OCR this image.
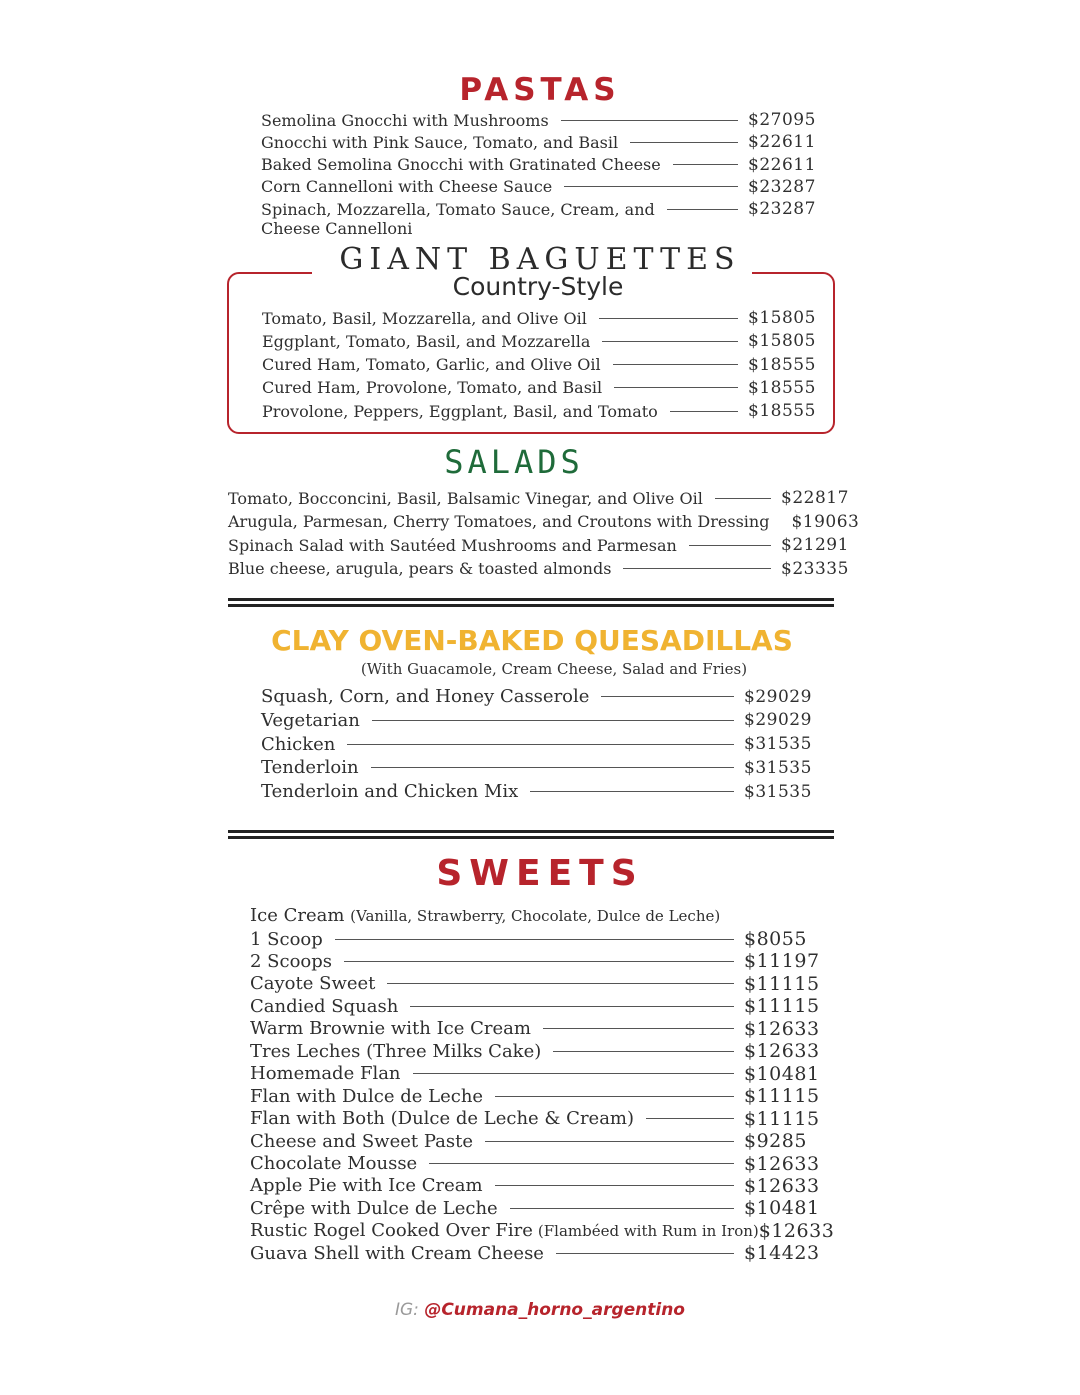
PASTAS
Semolina Gnocchi with Mushrooms	$27095
Gnocchi with Pink Sauce, Tomato, and Basil	$22611
Baked Semolina Gnocchi with Gratinated Cheese	$22611
Corn Cannelloni with Cheese Sauce	$23287
Spinach, Mozzarella, Tomato Sauce, Cream, and	$23287
Cheese Cannelloni
GIANT BAGUETTES
Country-Style
Tomato, Basil, Mozzarella, and Olive Oil	$15805
Eggplant, Tomato, Basil, and Mozzarella	$15805
Cured Ham, Tomato, Garlic, and Olive Oil	$18555
Cured Ham, Provolone, Tomato, and Basil	$18555
Provolone, Peppers, Eggplant, Basil, and Tomato	$18555
SALADS
Tomato, Bocconcini, Basil, Balsamic Vinegar, and Olive Oil	$22817
Arugula, Parmesan, Cherry Tomatoes, and Croutons with Dressing $19063
Spinach Salad with Sautéed Mushrooms and Parmesan	$21291
Blue cheese, arugula, pears & toasted almonds	$23335
CLAY OVEN-BAKED QUESADILLAS
(With Guacamole, Cream Cheese, Salad and Fries)
Squash, Corn, and Honey Casserole	$29029
Vegetarian	$29029
Chicken	$31535
Tenderloin	$31535
Tenderloin and Chicken Mix	$31535
SWEETS
Ice Cream (Vanilla, Strawberry, Chocolate, Dulce de Leche)
1 Scoop	$8055
2 Scoops	$11197
Cayote Sweet	$11115
Candied Squash	$11115
Warm Brownie with Ice Cream	$12633
Tres Leches (Three Milks Cake)	$12633
Homemade Flan	$10481
Flan with Dulce de Leche	$11115
Flan with Both (Dulce de Leche & Cream)	$11115
Cheese and Sweet Paste	$9285
Chocolate Mousse	$12633
Apple Pie with Ice Cream	$12633
Crêpe with Dulce de Leche	$10481
Rustic Rogel Cooked Over Fire (Flambéed with Rum in Iron) $12633
Guava Shell with Cream Cheese	$14423
IG: @Cumana_horno_argentino
